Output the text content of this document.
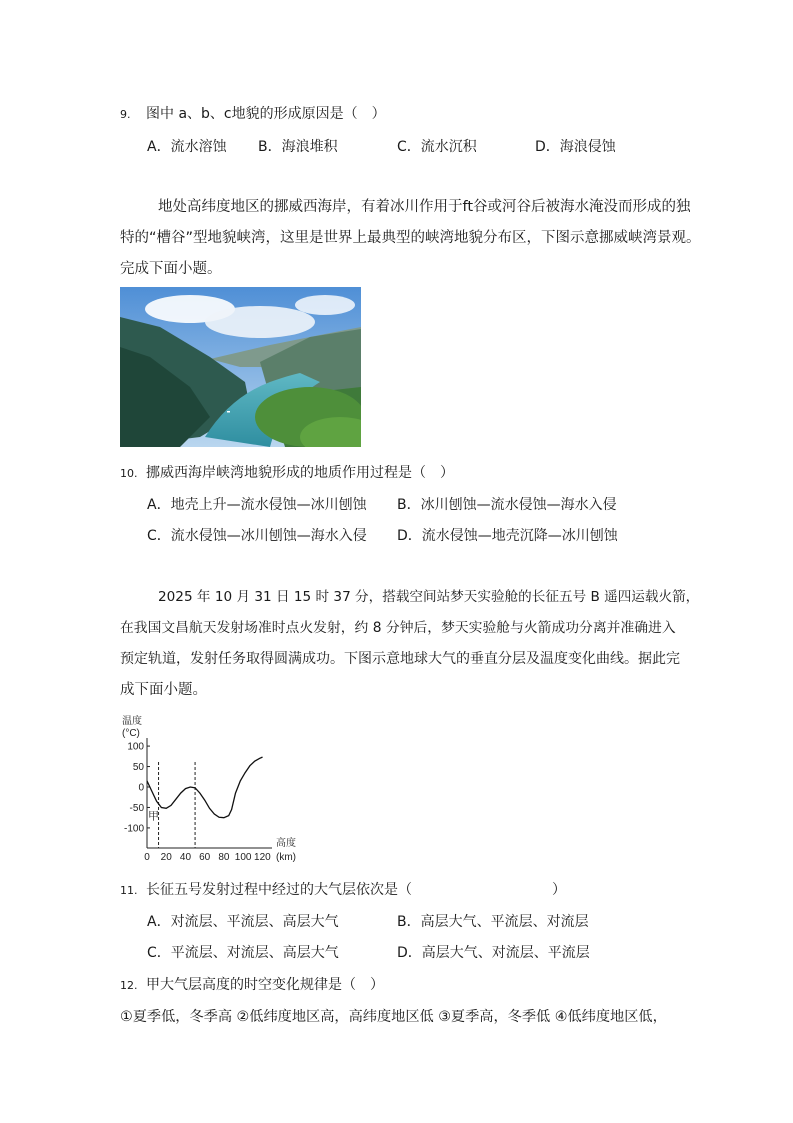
9. 图中 a、b、c地貌的形成原因是（　）
A．流水溶蚀 B．海浪堆积	C．流水沉积	D．海浪侵蚀
地处高纬度地区的挪威西海岸，有着冰川作用于ft谷或河谷后被海水淹没而形成的独
特的“槽谷”型地貌峡湾，这里是世界上最典型的峡湾地貌分布区，下图示意挪威峡湾景观。
完成下面小题。
10. 挪威西海岸峡湾地貌形成的地质作用过程是（　）
A．地壳上升—流水侵蚀—冰川刨蚀 B．冰川刨蚀—流水侵蚀—海水入侵
C．流水侵蚀—冰川刨蚀—海水入侵 D．流水侵蚀—地壳沉降—冰川刨蚀
2025 年 10 月 31 日 15 时 37 分，搭载空间站梦天实验舱的长征五号 B 遥四运载火箭，
在我国文昌航天发射场准时点火发射，约 8 分钟后，梦天实验舱与火箭成功分离并准确进入
预定轨道，发射任务取得圆满成功。下图示意地球大气的垂直分层及温度变化曲线。据此完
成下面小题。
温度
(°C)
高度
(km)
0 20 40 60 80 100 120
100
50
0
-50
-100
甲
11. 长征五号发射过程中经过的大气层依次是（　　　　　　　　　　）
A．对流层、平流层、高层大气	B．高层大气、平流层、对流层
C．平流层、对流层、高层大气	D．高层大气、对流层、平流层
12. 甲大气层高度的时空变化规律是（　）
①夏季低，冬季高 ②低纬度地区高，高纬度地区低 ③夏季高，冬季低 ④低纬度地区低，
